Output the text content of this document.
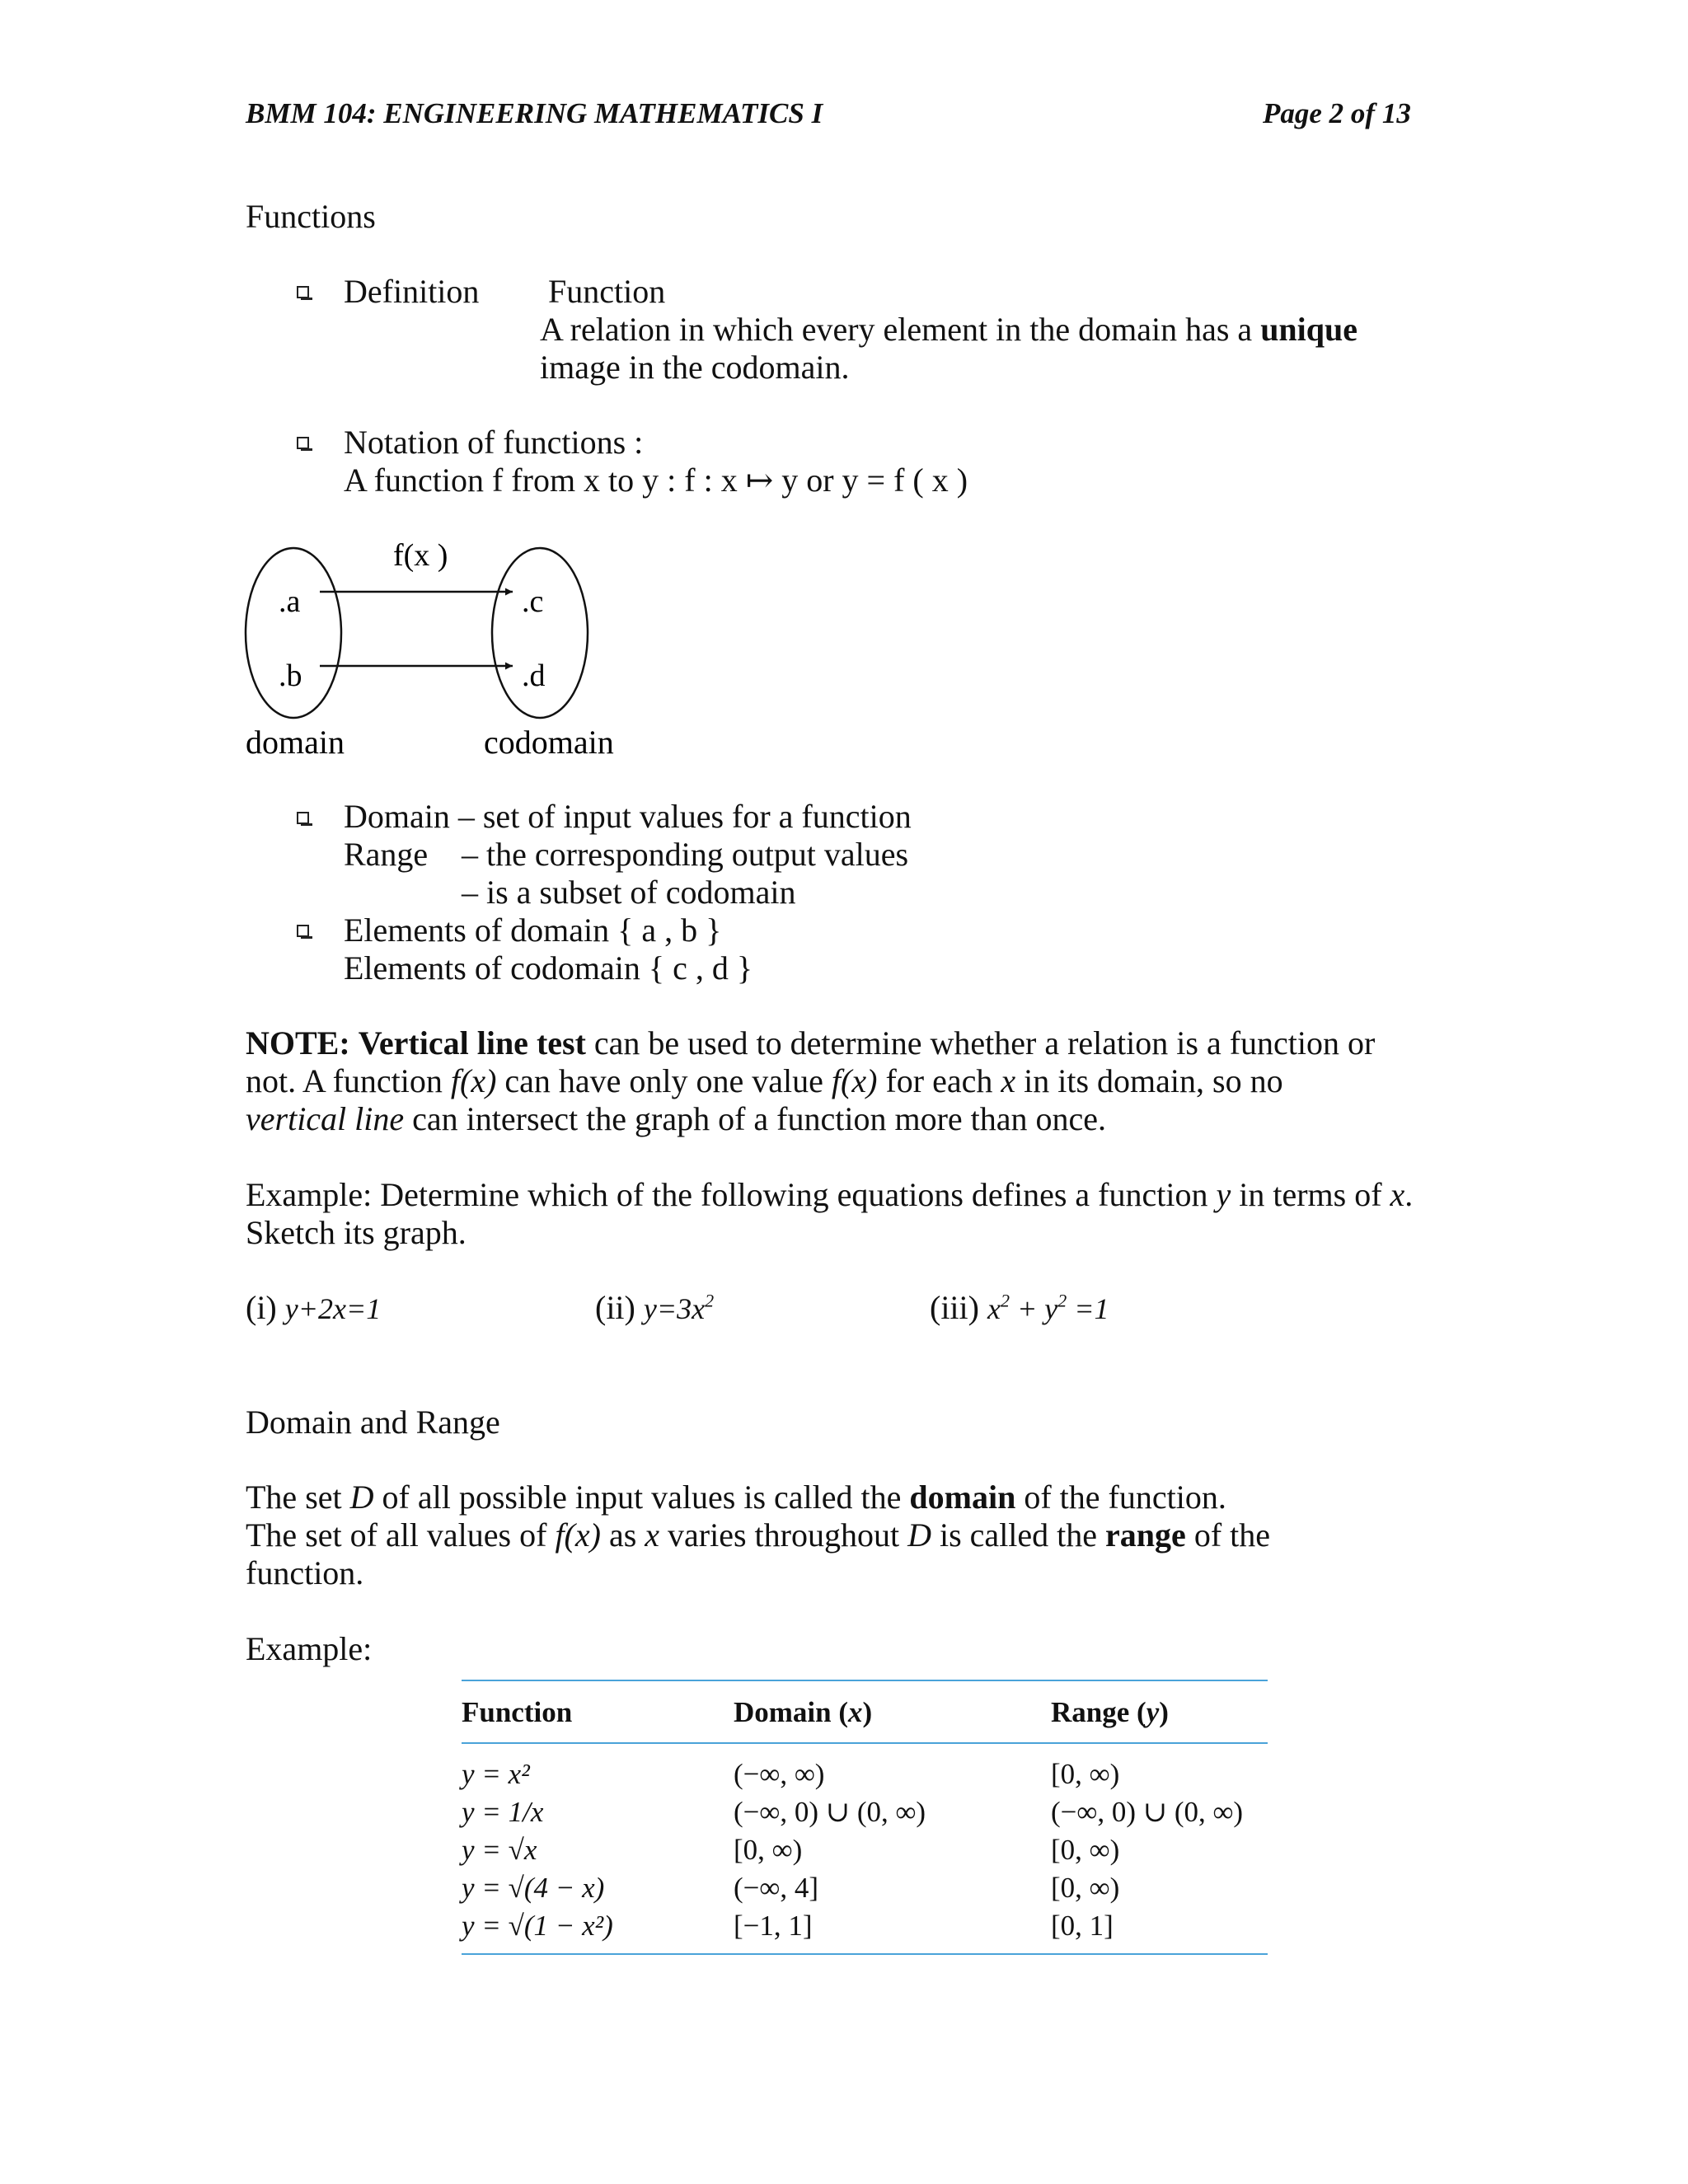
BMM 104: ENGINEERING MATHEMATICS I	Page 2 of 13
Functions
Definition Function
A relation in which every element in the domain has a unique
image in the codomain.
Notation of functions :
A function f from x to y : f : x ↦ y or y = f ( x )
f(x )
.a
.b
.c
.d
domain	codomain
Domain – set of input values for a function
Range – the corresponding output values
– is a subset of codomain
Elements of domain { a , b }
Elements of codomain { c , d }
NOTE: Vertical line test can be used to determine whether a relation is a function or
not. A function f(x) can have only one value f(x) for each x in its domain, so no
vertical line can intersect the graph of a function more than once.
Example: Determine which of the following equations defines a function y in terms of x.
Sketch its graph.
(i) y+2x=1	(ii) $y=3x^2$	(iii) $x^2 + y^2 =1$
Domain and Range
The set D of all possible input values is called the domain of the function.
The set of all values of f(x) as x varies throughout D is called the range of the
function.
Example:
Function	Domain (x)	Range (y)
y = x²	(−∞, ∞)	[0, ∞)
y = 1/x	(−∞, 0) ∪ (0, ∞)	(−∞, 0) ∪ (0, ∞)
y = √x	[0, ∞)	[0, ∞)
y = √(4 − x)	(−∞, 4]	[0, ∞)
y = √(1 − x²)	[−1, 1]	[0, 1]
